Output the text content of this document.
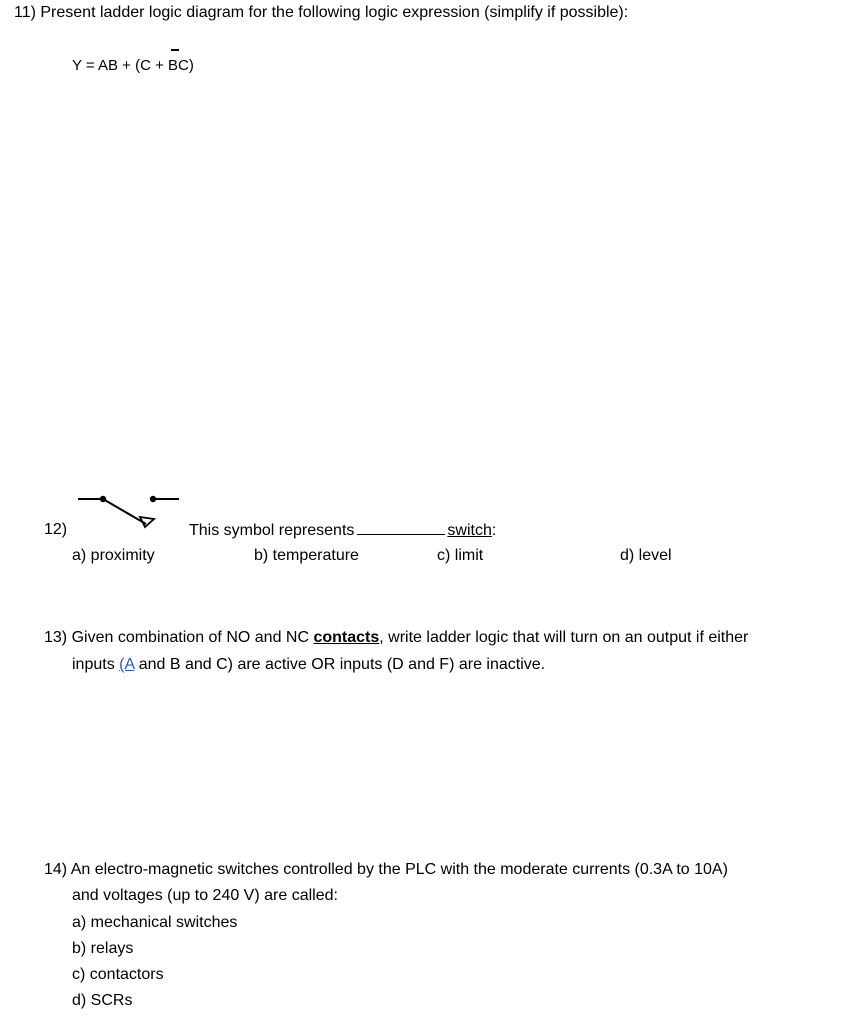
11) Present ladder logic diagram for the following logic expression (simplify if possible):
Y = AB + (C + BC)
12)	This symbol represents	switch:
a) proximity	b) temperature	c) limit	d) level
13) Given combination of NO and NC contacts, write ladder logic that will turn on an output if either
inputs (A and B and C) are active OR inputs (D and F) are inactive.
14) An electro-magnetic switches controlled by the PLC with the moderate currents (0.3A to 10A)
and voltages (up to 240 V) are called:
a) mechanical switches
b) relays
c) contactors
d) SCRs
